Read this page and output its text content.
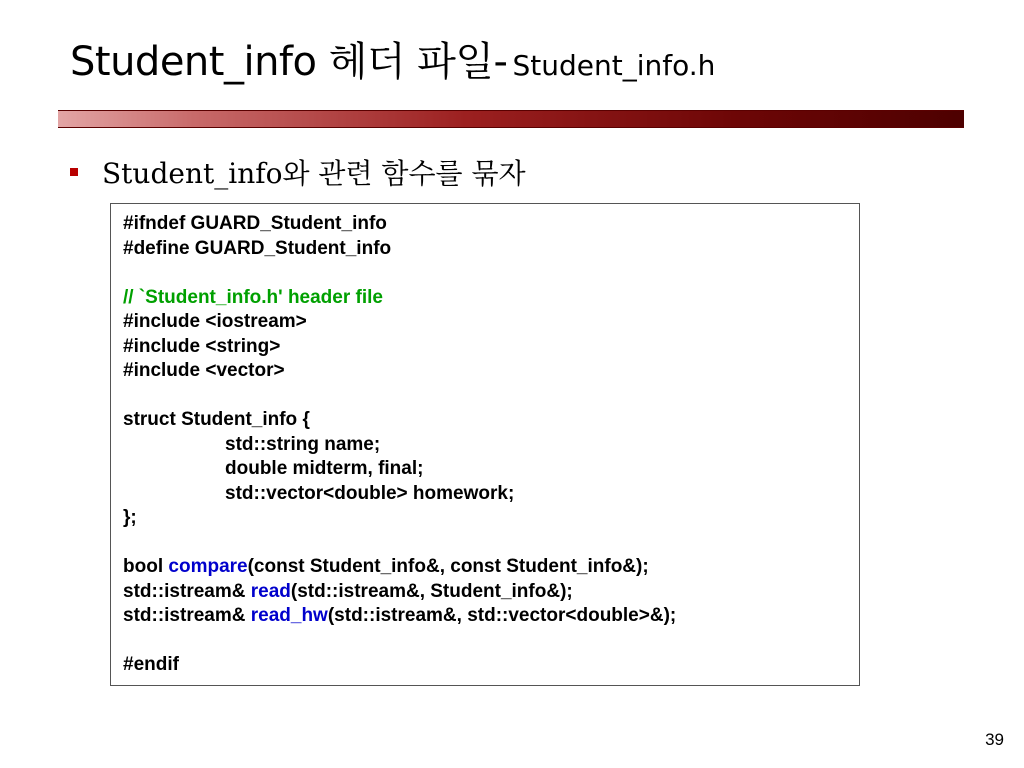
Student_info 헤더 파일- Student_info.h
Student_info와 관련 함수를 묶자
#ifndef GUARD_Student_info
#define GUARD_Student_info
// `Student_info.h' header file
#include <iostream>
#include <string>
#include <vector>
struct Student_info {
std::string name;
double midterm, final;
std::vector<double> homework;
};
bool compare(const Student_info&, const Student_info&);
std::istream& read(std::istream&, Student_info&);
std::istream& read_hw(std::istream&, std::vector<double>&);
#endif
39
